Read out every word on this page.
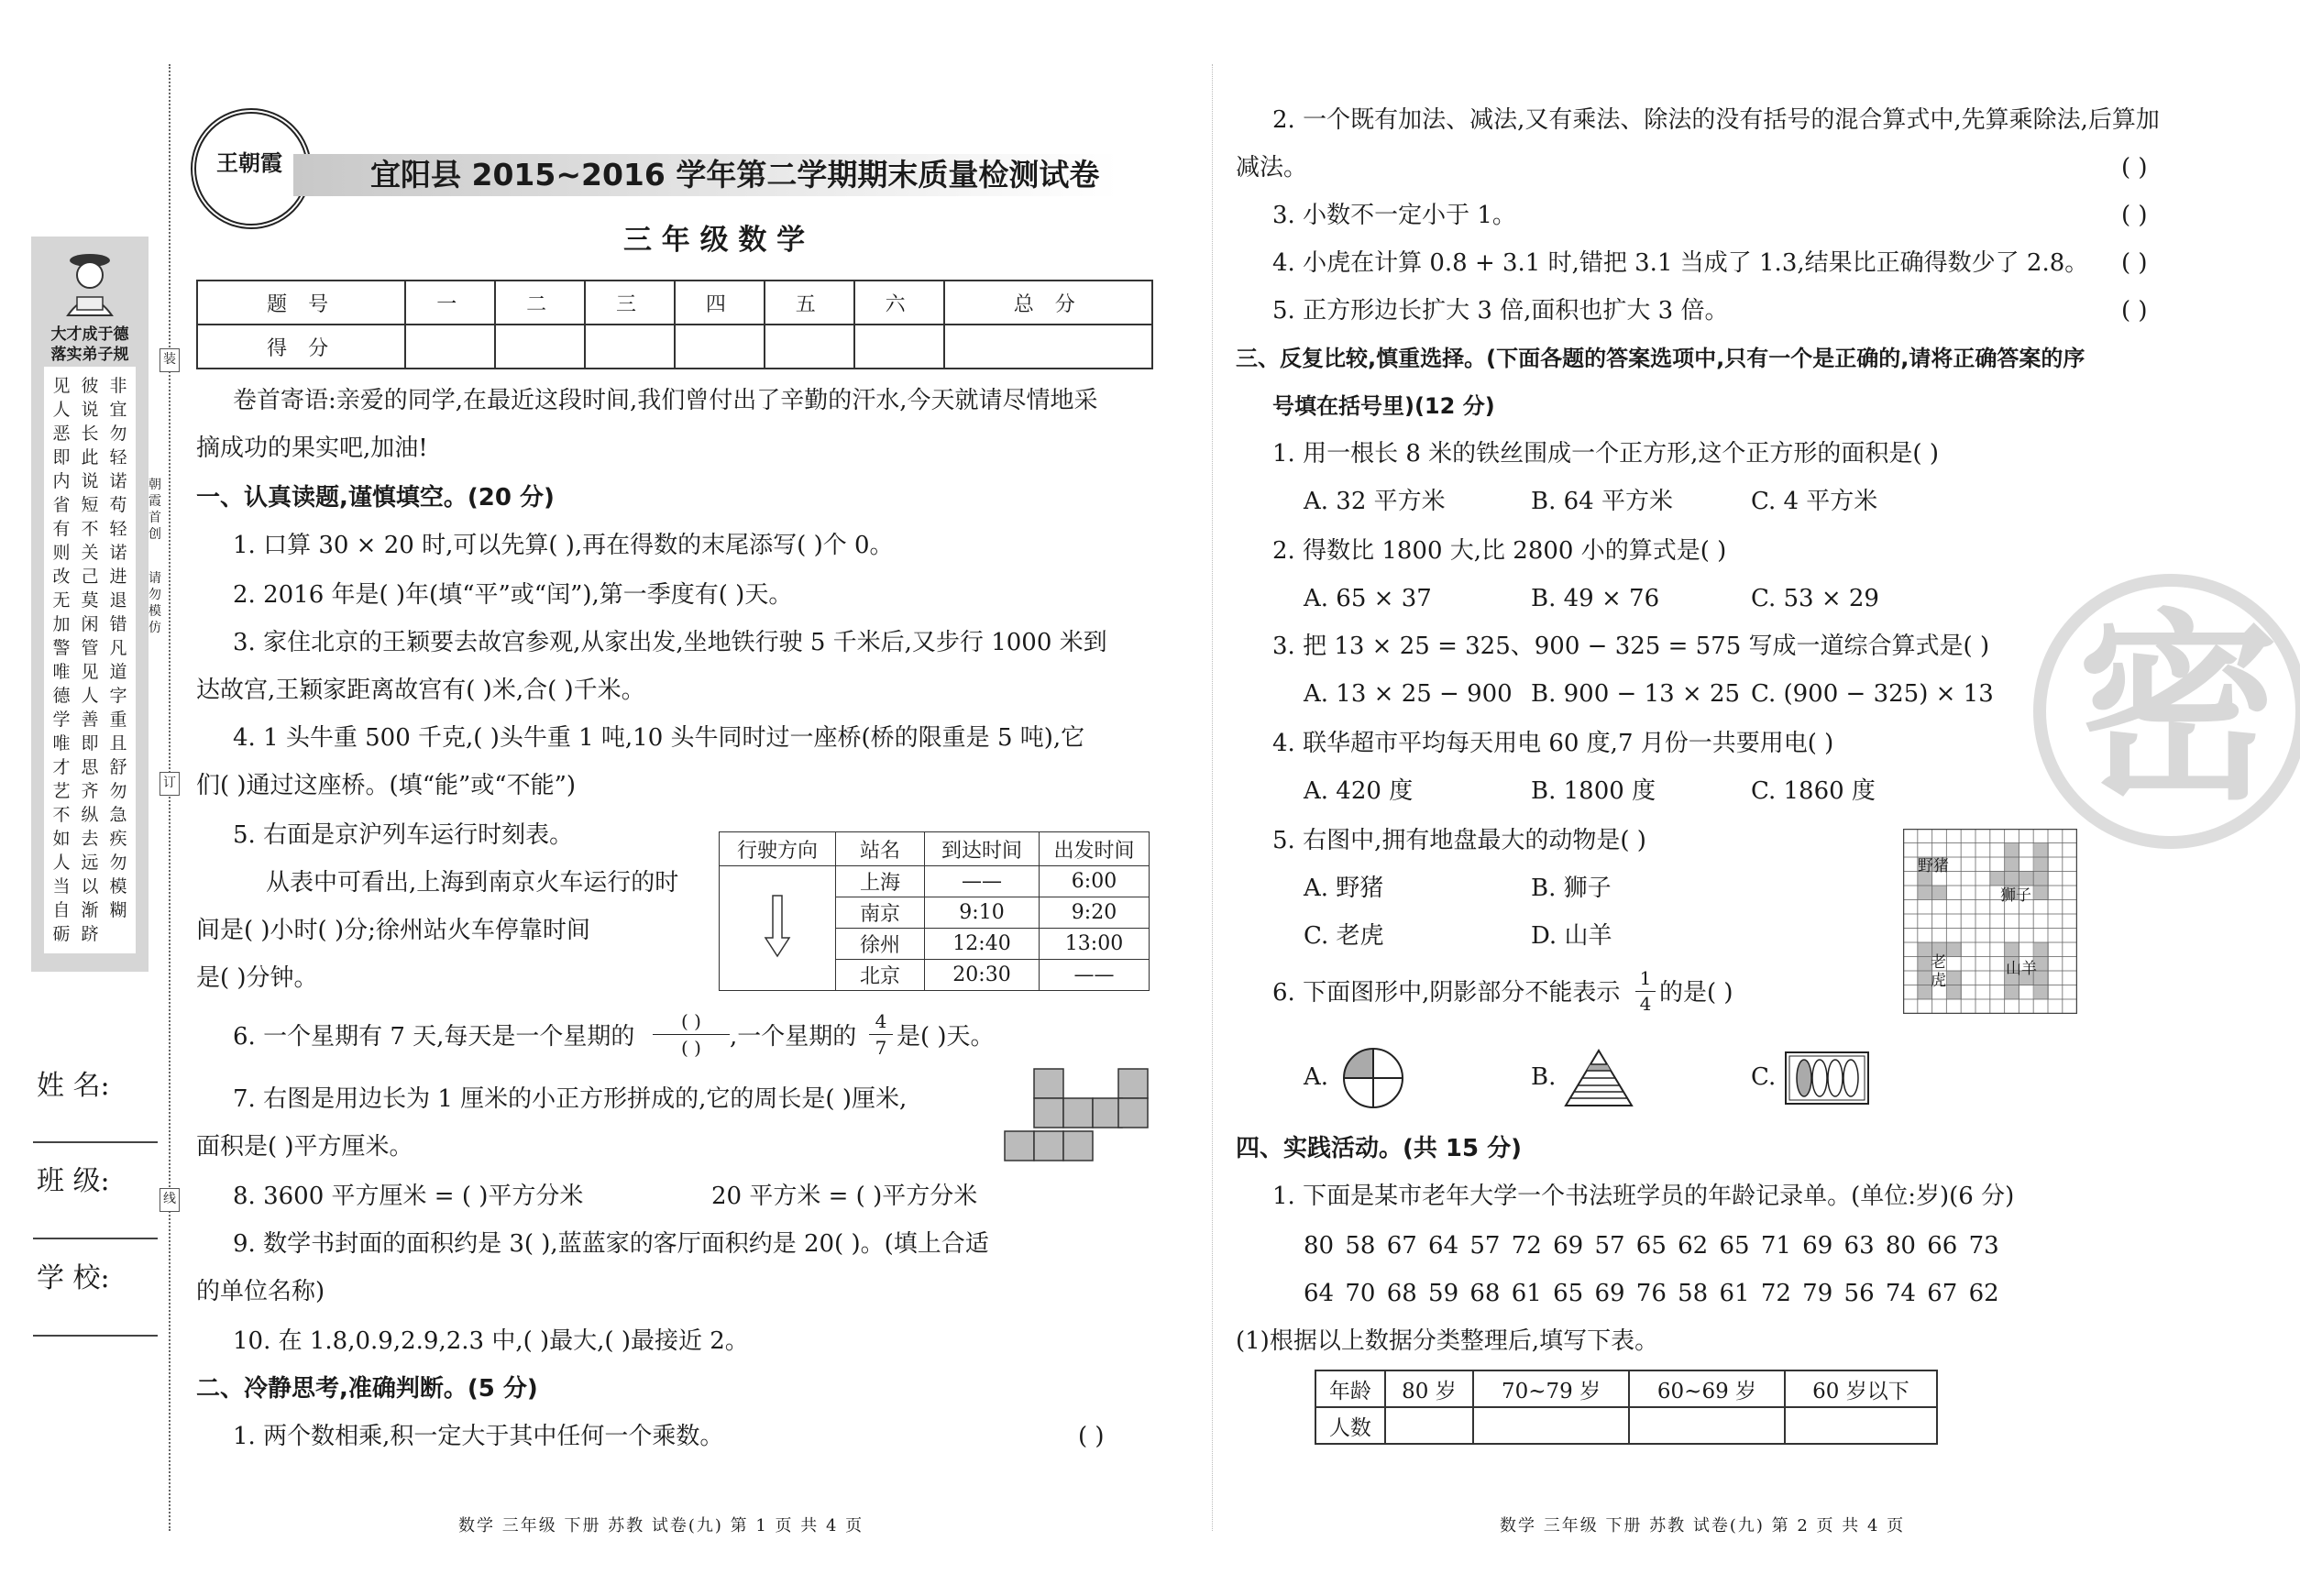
装
订
线
朝霞首创
请勿模仿
大才成于德
落实弟子规
见人恶即内省有则改无加警唯德学唯才艺不如人当自砺
彼说长此说短不关己莫闲管见人善即思齐纵去远以渐跻
非宜勿轻诺苟轻诺进退错凡道字重且舒勿急疾勿模糊
姓 名:
班 级:
学 校:
王朝霞	宜阳县 2015~2016 学年第二学期期末质量检测试卷
三 年 级 数 学
题 号	一	二	三	四	五	六	总 分
得 分							
卷首寄语:亲爱的同学,在最近这段时间,我们曾付出了辛勤的汗水,今天就请尽情地采
摘成功的果实吧,加油!
一、认真读题,谨慎填空。(20 分)
1. 口算 30 × 20 时,可以先算( ),再在得数的末尾添写( )个 0。
2. 2016 年是( )年(填“平”或“闰”),第一季度有( )天。
3. 家住北京的王颖要去故宫参观,从家出发,坐地铁行驶 5 千米后,又步行 1000 米到
达故宫,王颖家距离故宫有( )米,合( )千米。
4. 1 头牛重 500 千克,( )头牛重 1 吨,10 头牛同时过一座桥(桥的限重是 5 吨),它
们( )通过这座桥。(填“能”或“不能”)
5. 右面是京沪列车运行时刻表。
从表中可看出,上海到南京火车运行的时
间是( )小时( )分;徐州站火车停靠时间
是( )分钟。
行驶方向	站名	到达时间	出发时间
	上海	——	6:00
	南京	9:10	9:20
	徐州	12:40	13:00
	北京	20:30	——
6. 一个星期有 7 天,每天是一个星期的
( )
( )	,一个星期的 $\frac{4}{7}$ 是( )天。
7. 右图是用边长为 1 厘米的小正方形拼成的,它的周长是( )厘米,
面积是( )平方厘米。
8. 3600 平方厘米 = ( )平方分米	20 平方米 = ( )平方分米
9. 数学书封面的面积约是 3( ),蓝蓝家的客厅面积约是 20( )。(填上合适
的单位名称)
10. 在 1.8,0.9,2.9,2.3 中,( )最大,( )最接近 2。
二、冷静思考,准确判断。(5 分)
1. 两个数相乘,积一定大于其中任何一个乘数。	( )
数学 三年级 下册 苏教 试卷(九) 第 1 页 共 4 页
2. 一个既有加法、减法,又有乘法、除法的没有括号的混合算式中,先算乘除法,后算加
减法。	( )
3. 小数不一定小于 1。	( )
4. 小虎在计算 0.8 + 3.1 时,错把 3.1 当成了 1.3,结果比正确得数少了 2.8。 ( )
5. 正方形边长扩大 3 倍,面积也扩大 3 倍。	( )
三、反复比较,慎重选择。(下面各题的答案选项中,只有一个是正确的,请将正确答案的序
号填在括号里)(12 分)
1. 用一根长 8 米的铁丝围成一个正方形,这个正方形的面积是( )
A. 32 平方米	B. 64 平方米	C. 4 平方米
2. 得数比 1800 大,比 2800 小的算式是( )
A. 65 × 37	B. 49 × 76	C. 53 × 29
3. 把 13 × 25 = 325、900 − 325 = 575 写成一道综合算式是( )
A. 13 × 25 − 900 B. 900 − 13 × 25 C. (900 − 325) × 13
4. 联华超市平均每天用电 60 度,7 月份一共要用电( )
A. 420 度	B. 1800 度	C. 1860 度
5. 右图中,拥有地盘最大的动物是( )
A. 野猪	B. 狮子
C. 老虎	D. 山羊
野猪
狮子
老虎
山羊
6. 下面图形中,阴影部分不能表示 $\frac{1}{4}$ 的是( )
A.	B.	C.
四、实践活动。(共 15 分)
1. 下面是某市老年大学一个书法班学员的年龄记录单。(单位:岁)(6 分)
80 58 67 64 57 72 69 57 65 62 65 71 69 63 80 66 73
64 70 68 59 68 61 65 69 76 58 61 72 79 56 74 67 62
(1)根据以上数据分类整理后,填写下表。
年龄	80 岁	70~79 岁	60~69 岁	60 岁以下
人数				
密
数学 三年级 下册 苏教 试卷(九) 第 2 页 共 4 页
